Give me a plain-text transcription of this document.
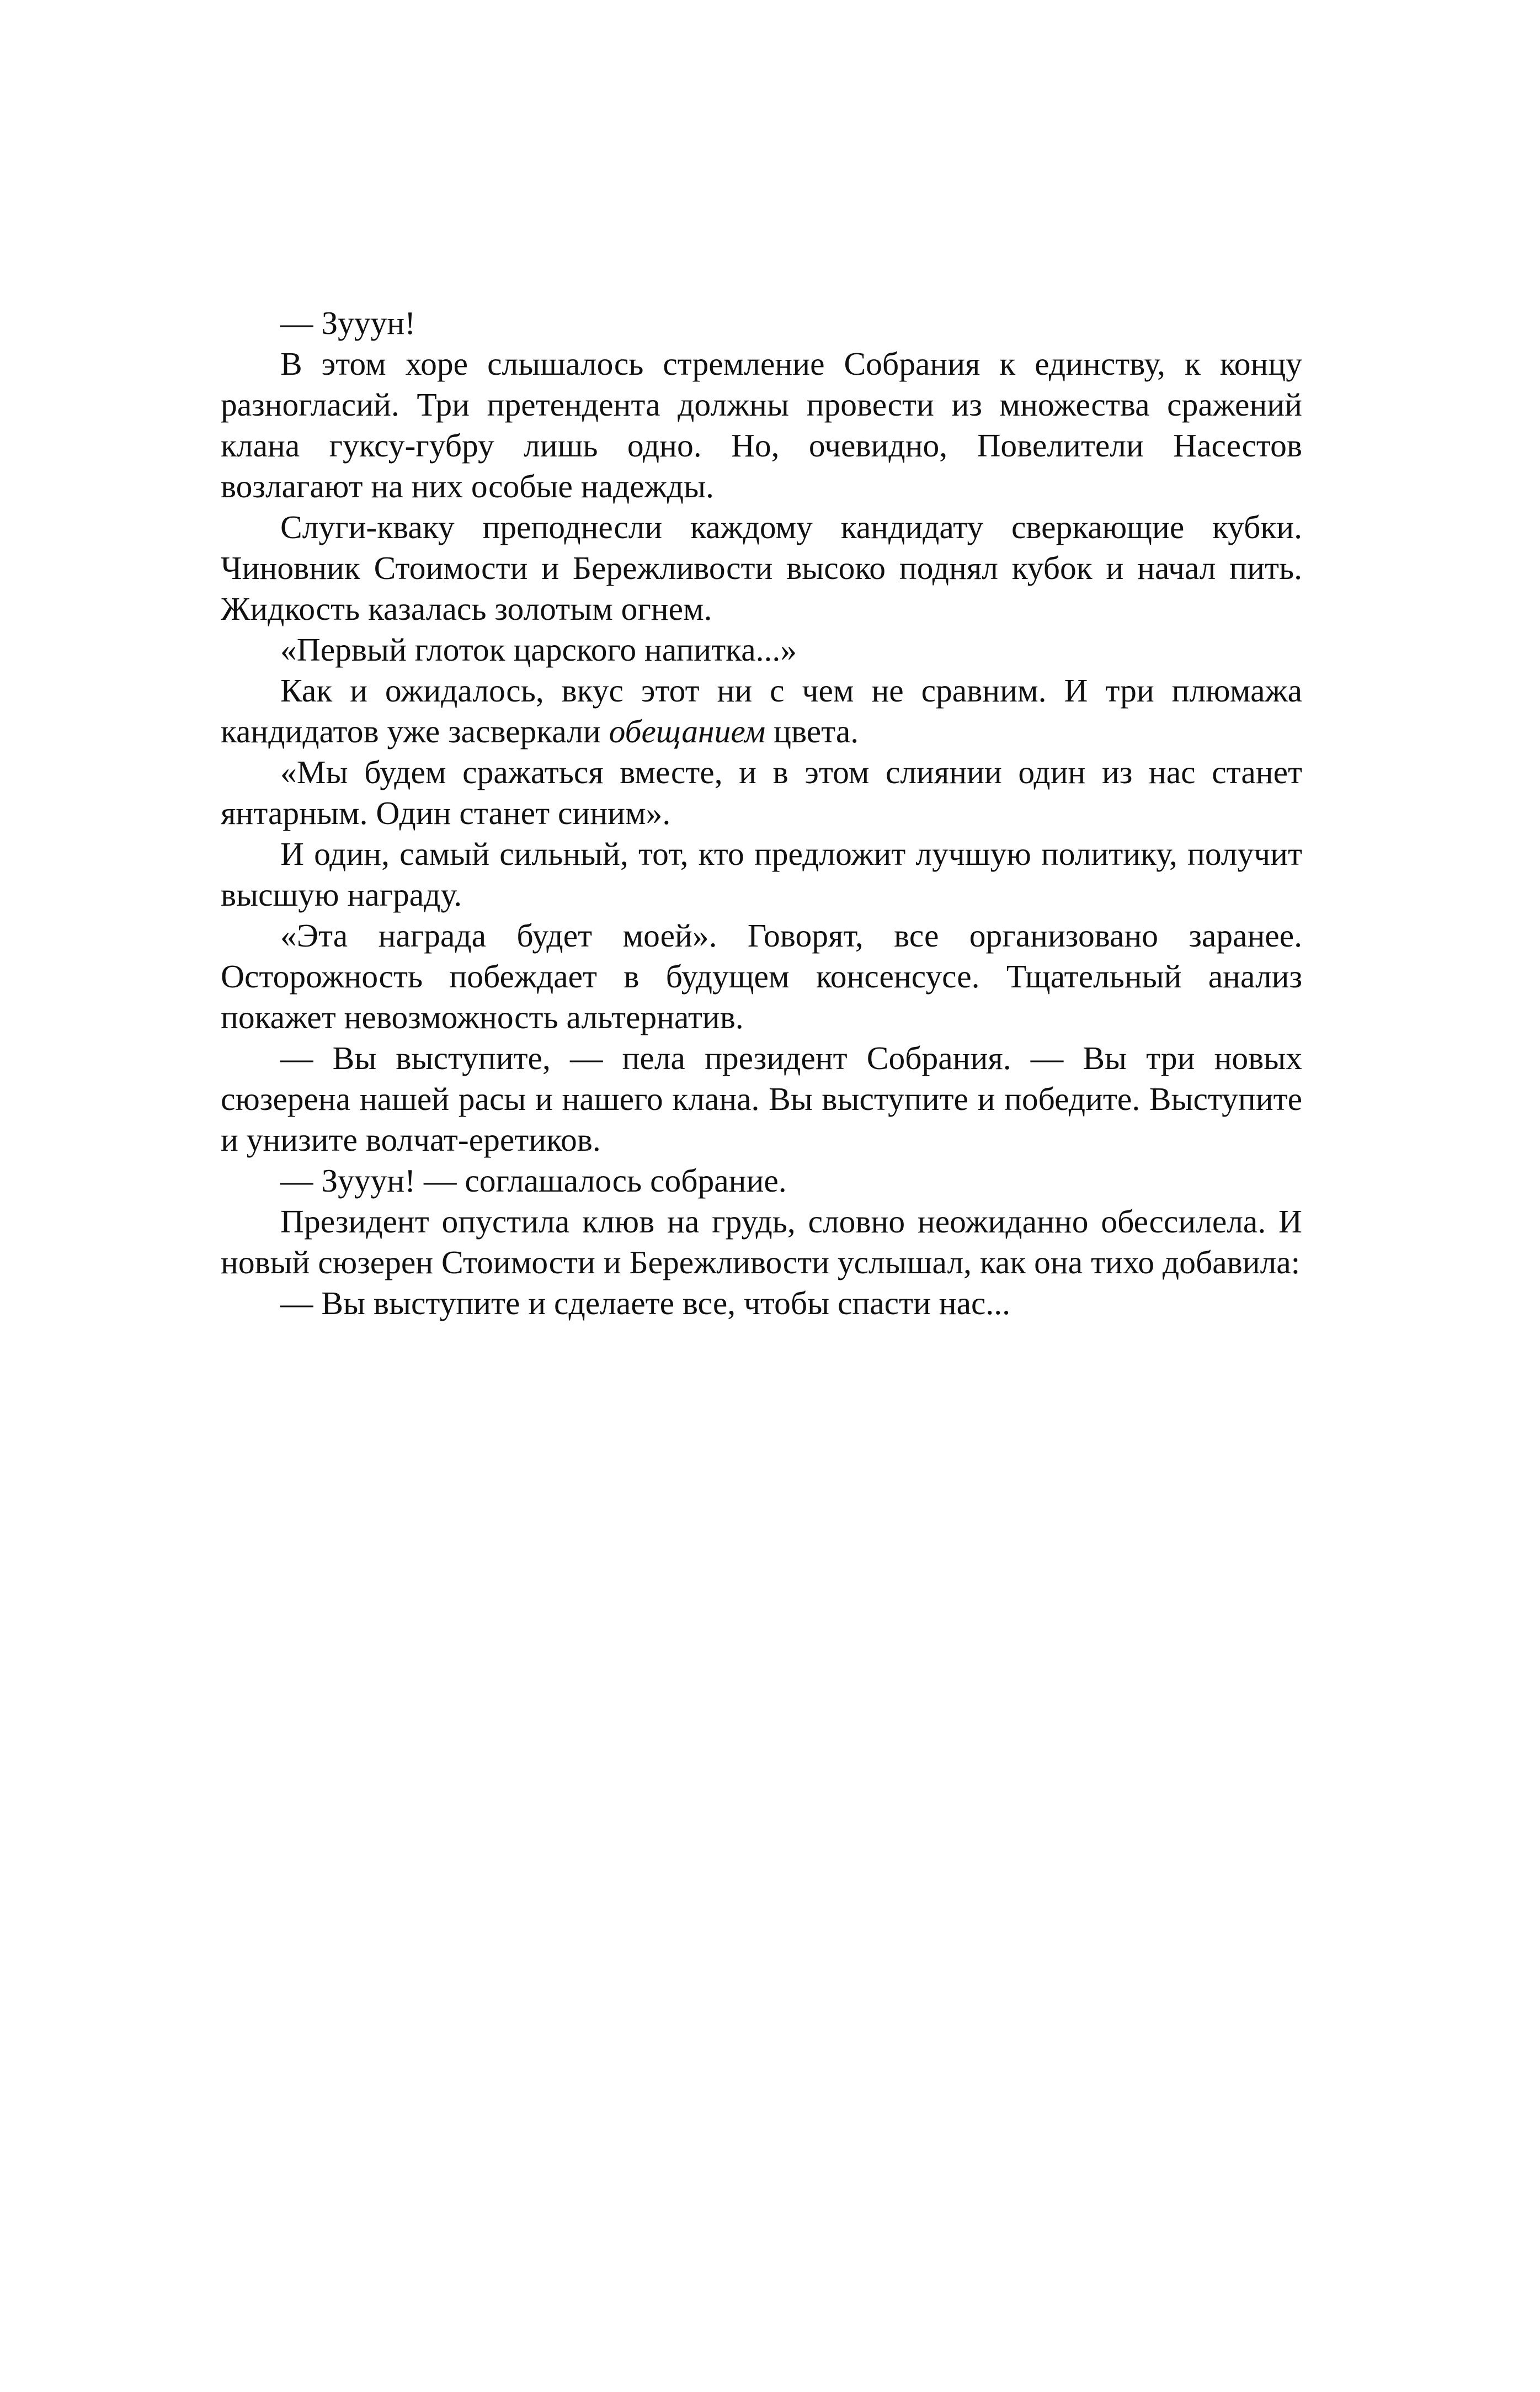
— Зууун!

В этом хоре слышалось стремление Собрания к единству, к концу разногласий. Три претендента должны провести из множества сражений клана гуксу-губру лишь одно. Но, очевидно, Повелители Насестов возлагают на них особые надежды.

Слуги-кваку преподнесли каждому кандидату сверкающие кубки. Чиновник Стоимости и Бережливости высоко поднял кубок и начал пить. Жидкость казалась золотым огнем.

«Первый глоток царского напитка...»

Как и ожидалось, вкус этот ни с чем не сравним. И три плюмажа кандидатов уже засверкали обещанием цвета.

«Мы будем сражаться вместе, и в этом слиянии один из нас станет янтарным. Один станет синим».

И один, самый сильный, тот, кто предложит лучшую политику, получит высшую награду.

«Эта награда будет моей». Говорят, все организовано заранее. Осторожность побеждает в будущем консенсусе. Тщательный анализ покажет невозможность альтернатив.

— Вы выступите, — пела президент Собрания. — Вы три новых сюзерена нашей расы и нашего клана. Вы выступите и победите. Выступите и унизите волчат-еретиков.

— Зууун! — соглашалось собрание.

Президент опустила клюв на грудь, словно неожиданно обессилела. И новый сюзерен Стоимости и Бережливости услышал, как она тихо добавила:

— Вы выступите и сделаете все, чтобы спасти нас...
